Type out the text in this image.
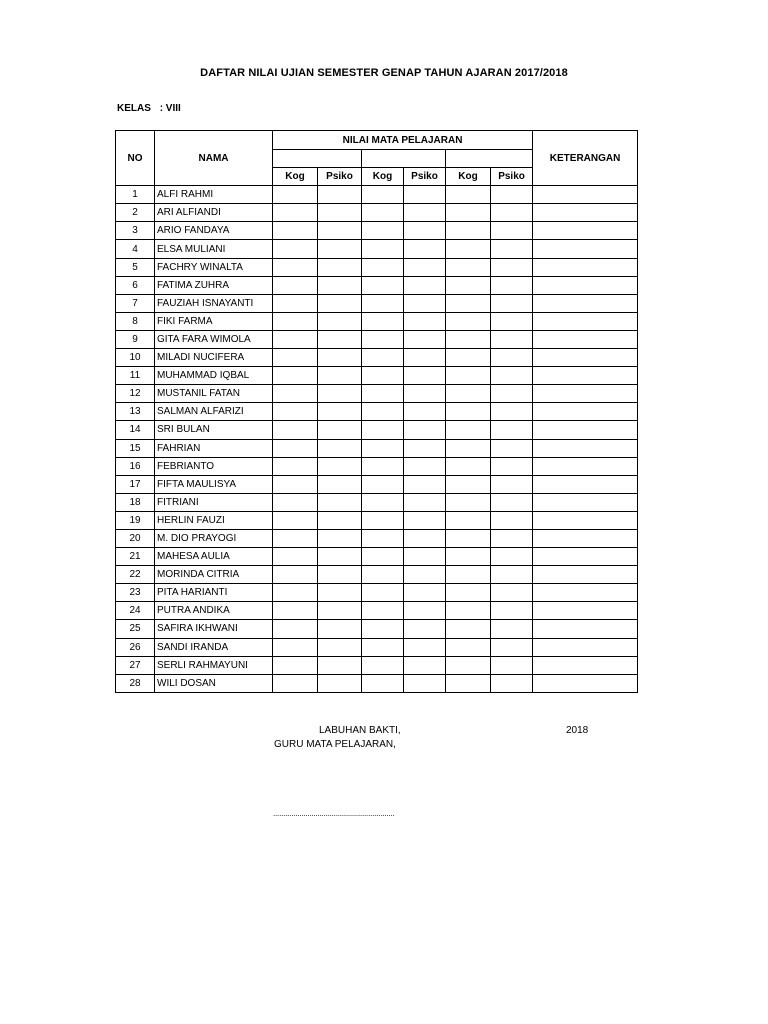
DAFTAR NILAI UJIAN SEMESTER GENAP TAHUN AJARAN 2017/2018
KELAS : VIII
NO	NAMA	NILAI MATA PELAJARAN						KETERANGAN

		Kog	Psiko	Kog	Psiko	Kog	Psiko	
1	ALFI RAHMI							
2	ARI ALFIANDI							
3	ARIO FANDAYA							
4	ELSA MULIANI							
5	FACHRY WINALTA							
6	FATIMA ZUHRA							
7	FAUZIAH ISNAYANTI							
8	FIKI FARMA							
9	GITA FARA WIMOLA							
10	MILADI NUCIFERA							
11	MUHAMMAD IQBAL							
12	MUSTANIL FATAN							
13	SALMAN ALFARIZI							
14	SRI BULAN							
15	FAHRIAN							
16	FEBRIANTO							
17	FIFTA MAULISYA							
18	FITRIANI							
19	HERLIN FAUZI							
20	M. DIO PRAYOGI							
21	MAHESA AULIA							
22	MORINDA CITRIA							
23	PITA HARIANTI							
24	PUTRA ANDIKA							
25	SAFIRA IKHWANI							
26	SANDI IRANDA							
27	SERLI RAHMAYUNI							
28	WILI DOSAN							
LABUHAN BAKTI,	2018
GURU MATA PELAJARAN,
............................................................
